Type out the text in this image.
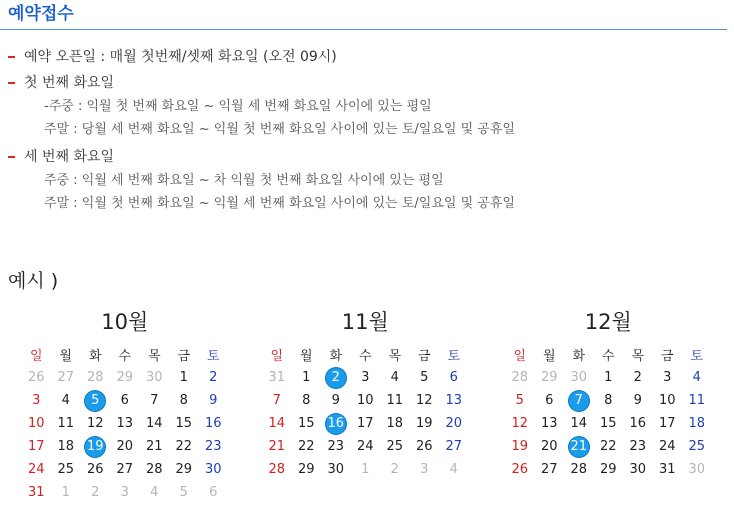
예약접수
예약 오픈일 : 매월 첫번째/셋째 화요일 (오전 09시)
첫 번째 화요일
-주중 : 익월 첫 번째 화요일 ~ 익월 세 번째 화요일 사이에 있는 평일
주말 : 당월 세 번째 화요일 ~ 익월 첫 번째 화요일 사이에 있는 토/일요일 및 공휴일
세 번째 화요일
주중 : 익월 세 번째 화요일 ~ 차 익월 첫 번째 화요일 사이에 있는 평일
주말 : 익월 첫 번째 화요일 ~ 익월 세 번째 화요일 사이에 있는 토/일요일 및 공휴일
예시 )
10월
일	월	화	수	목	금	토
26 27 28 29 30 1 2
3 4	5	6 7 8 9
10 11 12 13 14 15 16
17 18 19 20 21 22 23
24 25 26 27 28 29 30
31 1 2 3 4 5 6
11월
일	월	화	수	목	금	토
31 1	2	3 4 5 6
7 8 9 10 11 12 13
14 15 16 17 18 19 20
21 22 23 24 25 26 27
28 29 30 1 2 3 4
12월
일	월	화	수	목	금	토
28 29 30 1 2 3 4
5 6	7	8 9 10 11
12 13 14 15 16 17 18
19 20 21 22 23 24 25
26 27 28 29 30 31 30
